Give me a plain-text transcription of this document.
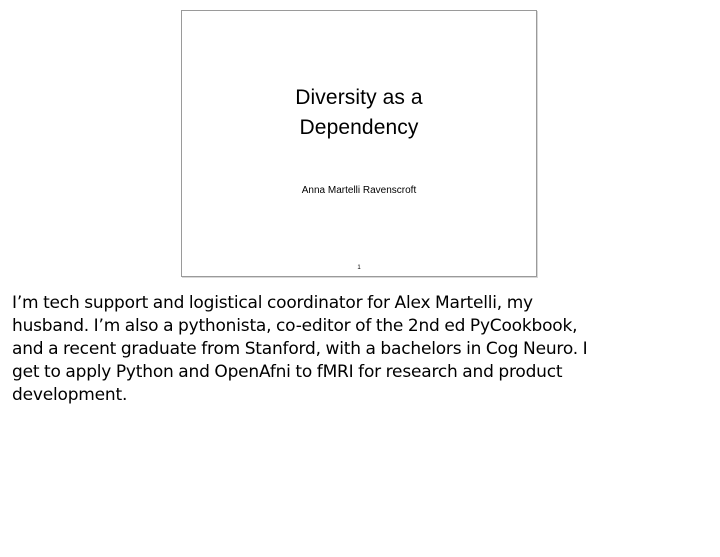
Diversity as a
Dependency
Anna Martelli Ravenscroft
1

I’m tech support and logistical coordinator for Alex Martelli, my
husband. I’m also a pythonista, co-editor of the 2nd ed PyCookbook,
and a recent graduate from Stanford, with a bachelors in Cog Neuro. I
get to apply Python and OpenAfni to fMRI for research and product
development.
